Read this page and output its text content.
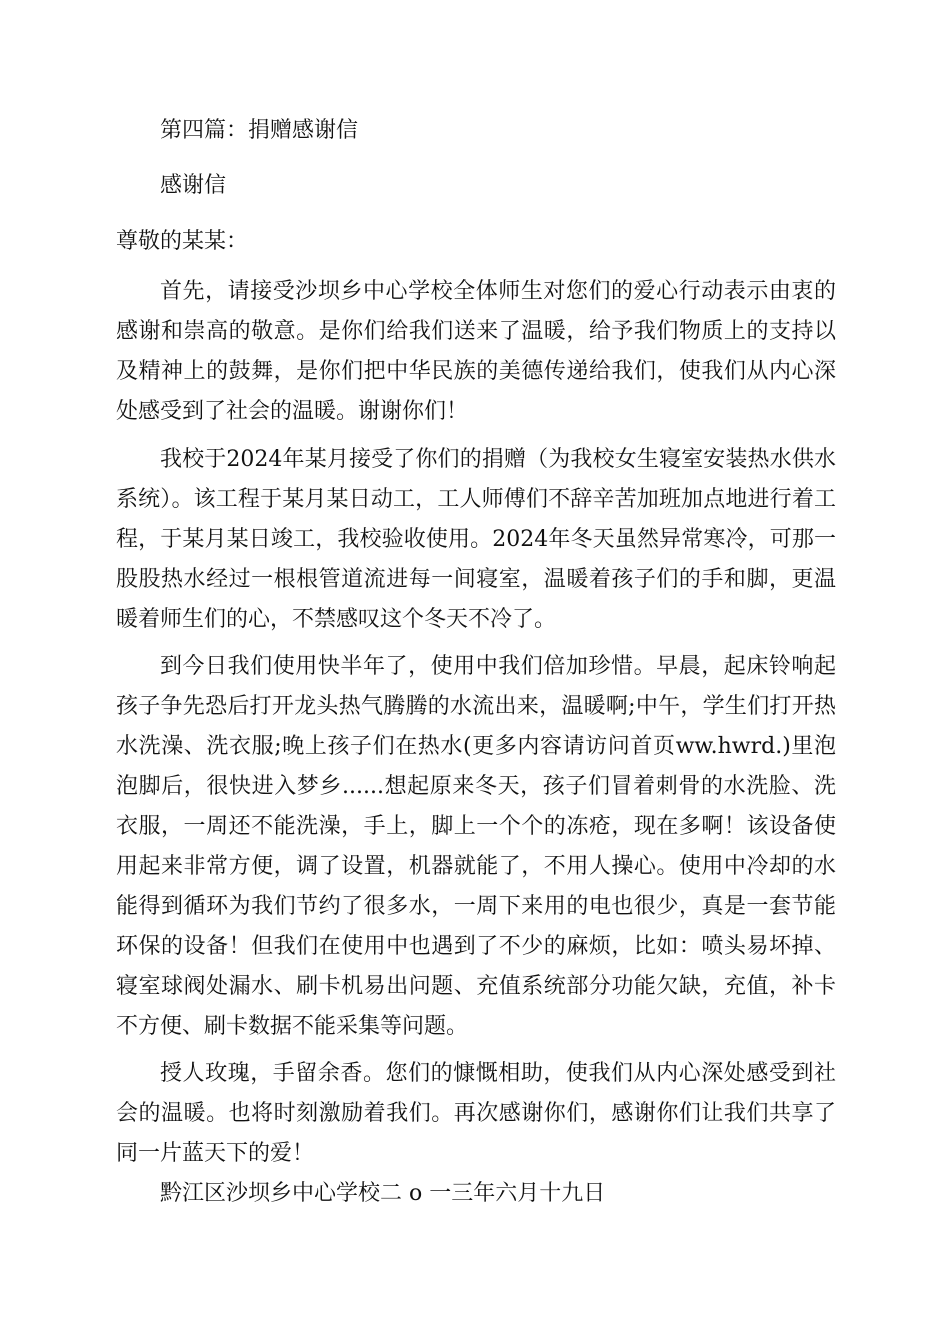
第四篇：捐赠感谢信
感谢信
尊敬的某某：
首先，请接受沙坝乡中心学校全体师生对您们的爱心行动表示由衷的感谢和崇高的敬意。是你们给我们送来了温暖，给予我们物质上的支持以及精神上的鼓舞，是你们把中华民族的美德传递给我们，使我们从内心深处感受到了社会的温暖。谢谢你们！
我校于2024年某月接受了你们的捐赠（为我校女生寝室安装热水供水系统）。该工程于某月某日动工，工人师傅们不辞辛苦加班加点地进行着工程，于某月某日竣工，我校验收使用。2024年冬天虽然异常寒冷，可那一股股热水经过一根根管道流进每一间寝室，温暖着孩子们的手和脚，更温暖着师生们的心，不禁感叹这个冬天不冷了。
到今日我们使用快半年了，使用中我们倍加珍惜。早晨，起床铃响起孩子争先恐后打开龙头热气腾腾的水流出来，温暖啊;中午，学生们打开热水洗澡、洗衣服;晚上孩子们在热水(更多内容请访问首页ww.hwrd.)里泡泡脚后，很快进入梦乡......想起原来冬天，孩子们冒着刺骨的水洗脸、洗衣服，一周还不能洗澡，手上，脚上一个个的冻疮，现在多啊！该设备使用起来非常方便，调了设置，机器就能了，不用人操心。使用中冷却的水能得到循环为我们节约了很多水，一周下来用的电也很少，真是一套节能环保的设备！但我们在使用中也遇到了不少的麻烦，比如：喷头易坏掉、寝室球阀处漏水、刷卡机易出问题、充值系统部分功能欠缺，充值，补卡不方便、刷卡数据不能采集等问题。
授人玫瑰，手留余香。您们的慷慨相助，使我们从内心深处感受到社会的温暖。也将时刻激励着我们。再次感谢你们，感谢你们让我们共享了同一片蓝天下的爱！
黔江区沙坝乡中心学校二 o 一三年六月十九日
